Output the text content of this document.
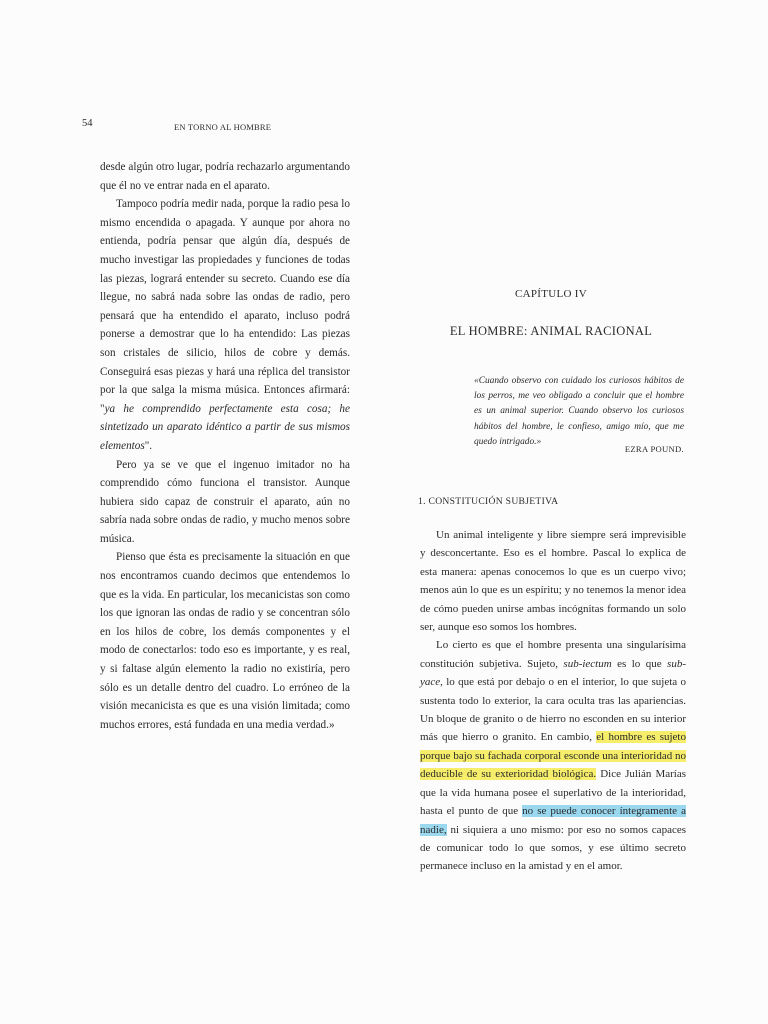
54	EN TORNO AL HOMBRE

desde algún otro lugar, podría rechazarlo argumentando que él no ve entrar nada en el aparato.

Tampoco podría medir nada, porque la radio pesa lo mismo encendida o apagada. Y aunque por ahora no entienda, podría pensar que algún día, después de mucho investigar las propiedades y funciones de todas las piezas, logrará entender su secreto. Cuando ese día llegue, no sabrá nada sobre las ondas de radio, pero pensará que ha entendido el aparato, incluso podrá ponerse a demostrar que lo ha entendido: Las piezas son cristales de silicio, hilos de cobre y demás. Conseguirá esas piezas y hará una réplica del transistor por la que salga la misma música. Entonces afirmará: "ya he comprendido perfectamente esta cosa; he sintetizado un aparato idéntico a partir de sus mismos elementos".

Pero ya se ve que el ingenuo imitador no ha comprendido cómo funciona el transistor. Aunque hubiera sido capaz de construir el aparato, aún no sabría nada sobre ondas de radio, y mucho menos sobre música.

Pienso que ésta es precisamente la situación en que nos encontramos cuando decimos que entendemos lo que es la vida. En particular, los mecanicistas son como los que ignoran las ondas de radio y se concentran sólo en los hilos de cobre, los demás componentes y el modo de conectarlos: todo eso es importante, y es real, y si faltase algún elemento la radio no existiría, pero sólo es un detalle dentro del cuadro. Lo erróneo de la visión mecanicista es que es una visión limitada; como muchos errores, está fundada en una media verdad.»

CAPÍTULO IV
EL HOMBRE: ANIMAL RACIONAL
«Cuando observo con cuidado los curiosos hábitos de los perros, me veo obligado a concluir que el hombre es un animal superior. Cuando observo los curiosos hábitos del hombre, le confieso, amigo mío, que me quedo intrigado.»
EZRA POUND.
1. CONSTITUCIÓN SUBJETIVA

Un animal inteligente y libre siempre será imprevisible y desconcertante. Eso es el hombre. Pascal lo explica de esta manera: apenas conocemos lo que es un cuerpo vivo; menos aún lo que es un espíritu; y no tenemos la menor idea de cómo pueden unirse ambas incógnitas formando un solo ser, aunque eso somos los hombres.

Lo cierto es que el hombre presenta una singularísima constitución subjetiva. Sujeto, sub-iectum es lo que sub-yace, lo que está por debajo o en el interior, lo que sujeta o sustenta todo lo exterior, la cara oculta tras las apariencias. Un bloque de granito o de hierro no esconden en su interior más que hierro o granito. En cambio, el hombre es sujeto porque bajo su fachada corporal esconde una interioridad no deducible de su exterioridad biológica. Dice Julián Marías que la vida humana posee el superlativo de la interioridad, hasta el punto de que no se puede conocer íntegramente a nadie, ni siquiera a uno mismo: por eso no somos capaces de comunicar todo lo que somos, y ese último secreto permanece incluso en la amistad y en el amor.
